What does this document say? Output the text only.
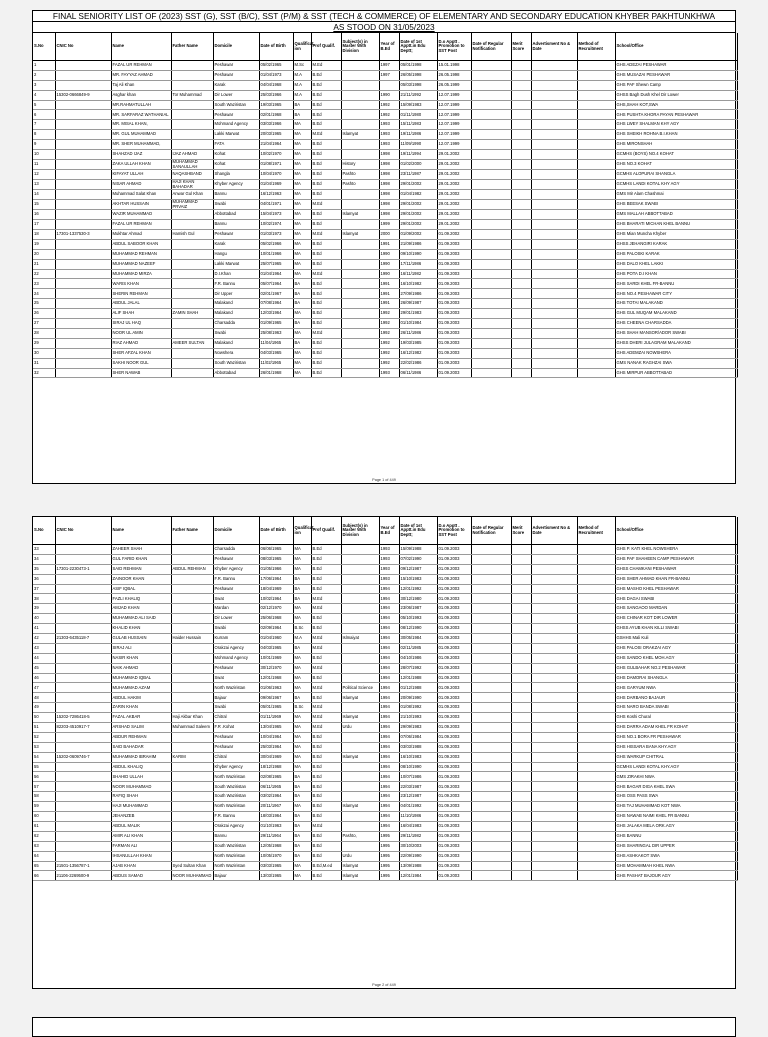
FINAL SENIORITY LIST OF (2023) SST (G), SST (B/C), SST (P/M) & SST (TECH & COMMERCE) OF ELEMENTARY AND SECONDARY EDUCATION KHYBER PAKHTUNKHWA
AS STOOD ON 31/05/2023
S.No	CNIC No	Name	Father Name	Domicile	Date of Birth	Qualificat ion	Prof Qualif.	Subject(s) in Master With Division	Year of B.Ed	Date of 1st Apptt.in Edu Deptt;	D.o Apptt . Promotion to SST Post	Date of Regular Notification	Merit Score	Advertisment No & Date	Method of Recruitment	School/Office
1		FAZAL UR REHMAN		Peshawar	05/02/1965	M.Sc	M.Ed		1997	05/01/1998	15.01.1998					GHS ADEZAI PESHAWAR
2		MR. FAYYAZ AHMAD		Peshawar	01/04/1973	M.A	B.Ed		1997	26/05/1998	26.05.1998					GHS MUSAZAI PESHAWAR
3		Taj Ali Khan		Karak	04/04/1968	M.A	B.Ed			05/03/1998	26.05.1999					GHS PAF Shewn Camp
4	15302-0666849-9	Asghar khan	Tor Muhammad	Dir Lower	25/03/1966	M.A	B.Ed		1990	21/11/1992	12.07.1999					GHSS Bagh Dush Khel Dir Lower
5		MR.RAHMATULLAH		South Waziristan	19/03/1965	BA	B.Ed		1992	15/09/1983	12.07.1999					GHS,SHAH KOT,SWA
6		MR. SARFARAZ WATHANIAL		Peshawar	02/01/1968	BA	B.Ed		1992	01/11/1980	12.07.1999					GHS PUSHTA KHORA PAYAN PESHAWAR
7		MR. MISAL KHAN,		Mohmand Agency	03/03/1966	MA	B.Ed		1993	15/11/1983	12.07.1999					GHS LWEY SHALMAN KHY AGY
8		MR. GUL MUHAMMAD		Lakki Marwat	20/03/1965	MA	M.Ed	Islamyat	1993	19/11/1986	12.07.1999					GHS SHEIKH ROHNA B.I.KHAN
9		MR. SHER MUHAMMAD,		FATA	21/04/1964	MA	B.Ed		1993	11/09/1990	12.07.1999					GHS MIRONSHAH
10		SHAHZAD IJAZ	IJAZ AHMAD	Kohat	10/02/1970	MA	B.Ed		1998	19/11/1994	29.01.2002					GCMHS (BOYS) NO.4 KOHAT
11		ZAKA ULLAH KHAN	MUHAMMAD SANAULLAH	Kohat	01/08/1971	MA	B.Ed	History	1998	01/02/2000	29.01.2002					GHS NO.3 KOHAT
12		KIFAYAT ULLAH	NAQASHBAND	Shangla	10/04/1970	MA	B.Ed	Pashto	1998	23/11/1987	29.01.2002					GCMHS ALOPURAI SHANGLA
13		NISAR AHMAD	HAJI KHAN BAHADAR	Khyber Agency	01/04/1969	MA	B.Ed	Pashto	1998	29/01/2002	29.01.2002					GCMHS LANDI KOTAL KHY AGY
14		Muhammad Salat Khan	Anwar Gul Khan	Bannu	16/12/1963	MA	B.Ed		1998	01/04/1982	29.01.2002					GMS Mir Alam Chashmai
15		AKHTAR HUSSAIN	MUHAMMAD PRVAIZ	Swabi	04/01/1971	MA	M.Ed		1998	29/01/2002	29.01.2002					GHS BEESAK SWABI
16		WAZIR MUHAMMAD		Abbottabad	15/04/1973	MA	B.Ed	Islamyat	1998	29/01/2002	29.01.2002					GMS MALLAH ABBOTTABAD
17		FAZAL UR REHMAN		Bannu	10/02/1974	MA	B.Ed		1999	29/01/2002	29.01.2002					GHS BHARATI MICHAN KHEL BANNU
18	17301-1337530-3	Mukhtar Ahmad	Hamish Gul	Peshawar	01/03/1973	MA	M.Ed	Islamyat	2000	01/09/2002	01.09.2002					GHS Mian Muncha Khyber
19		ABDUL SABOOR KHAN		Karak	05/02/1966	MA	B.Ed		1991	21/09/1986	01.09.2003					GHSS JEHANGIRI KARAK
20		MUHAMMAD REHMAN		Hangu	10/01/1966	MA	B.Ed		1990	09/10/1990	01.09.2003					GHS PALOSKI KARAK
21		MUHAMMAD NAZEEF		Lakki Marwat	25/07/1965	MA	B.Ed		1990	17/11/1986	01.09.2003					GHS DALO KHEL LAKKI
22		MUHAMMAD MIRZA		D.I.Khan	01/04/1964	MA	M.Ed		1990	16/11/1982	01.09.2003					GHS POTA D.I KHAN
23		WARIS KHAN		F.R. Bannu	05/07/1964	BA	B.Ed		1991	16/10/1982	01.09.2003					GHS SARDI KHEL FR-BANNU
24		SHERIN REHMAN		Dir Upper	02/01/1967	BA	B.Ed		1991	27/09/1986	01.09.2003					GHS NO.4 PESHAWAR CITY
25		ABDUL JALAL		Malakand	07/08/1964	BA	B.Ed		1991	26/09/1987	01.09.2003					GHS TOTAI MALAKAND
26		ALIF SHAH	ZAMIN SHAH	Malakand	12/03/1964	MA	B.Ed		1992	29/01/1983	01.09.2003					GHS GUL MUQAM MALAKAND
27		SIRAJ UL HAQ		Charsadda	01/09/1965	BA	B.Ed		1992	01/10/1984	01.09.2003					GHS CHEENA CHARSADDA
28		NOOR UL AMIN		Swabi	25/08/1963	MA	M.Ed		1992	26/11/1986	01.09.2003					GHS SHAH MANSOR/ADOR SWABI
29		RIAZ AHMAD	AMEER SULTAN	Malakand	11/04/1965	BA	B.Ed		1992	19/03/1985	01.09.2003					GHSS DHERI JULAGRAM MALAKAND
30		SHER AFZAL KHAN		Nowshera	04/03/1965	MA	B.Ed		1992	16/12/1982	01.09.2003					GHS ADEMZAI NOWSHERA
31		SAKHI NOOR GUL		South Waziristan	11/02/1965	MA	B.Ed		1992	22/02/1986	01.09.2003					GMS NANAK RAGHZAI SWA
32		SHER NAWAB		Abbottabad	26/01/1968	MA	B.Ed		1993	06/11/1986	01.09.2003					GHS MIRPUR ABBOTTABAD
Page 1 of 449
S.No	CNIC No	Name	Father Name	Domicile	Date of Birth	Qualificat ion	Prof Qualif.	Subject(s) in Master With Division	Year of B.Ed	Date of 1st Apptt.in Edu Deptt;	D.o Apptt . Promotion to SST Post	Date of Regular Notification	Merit Score	Advertisment No & Date	Method of Recruitment	School/Office
33		ZAHEER SHAH		Charsadda	06/06/1965	MA	B.Ed		1993	15/09/1988	01.09.2003					GHS P. KATI KHEL NOWSHERA
34		GUL FARID KHAN		Peshawar	08/03/1965	MA	B.Ed		1993	07/02/1990	01.09.2003					GHS PAF SHAHEEN CAMP PESHAWAR
35	17301-2230473-1	SAID REHMAN	ABDUL REHMAN	Khyber Agency	01/05/1966	MA	B.Ed		1993	09/12/1987	01.09.2003					GHSS CHAMKANI PESHAWAR
36		ZAINOOR KHAN		F.R. Bannu	17/06/1964	BA	B.Ed		1993	15/10/1983	01.09.2003					GHS SHER AHMAD KHAN FR-BANNU
37		ASIF IQBAL		Peshawar	18/04/1969	BA	B.Ed		1994	12/01/1992	01.09.2003					GHS MASHO KHEL PESHAWAR
38		FAZLI KHALIQ		Swat	10/02/1964	BA	M.Ed		1994	30/12/1980	01.09.2003					GHS DAGAI SWABI
39		AMJAD KHAN		Mardan	02/12/1970	MA	M.Ed		1994	23/06/1987	01.09.2003					GHS SANGAOO MARDAN
40		MUHAMMAD ALI SAID		Dir Lower	25/06/1968	MA	B.Ed		1994	05/10/1993	01.09.2003					GHS CHINAR KOT DIR LOWER
41		KHALID KHAN		Swabi	02/09/1964	B.Sc	B.Ed		1994	08/12/1990	01.09.2003					GHSS AYUB KHAN KILLI SWABI
42	21303-6435118-7	GULAB HUSSAIN	Haider Hussain	Kurram	01/04/1960	M.A	M.Ed	Islmaiyat	1994	30/05/1984	01.09.2003					GSHHS Mali Kuli
43		SIRAJ ALI		Orakzai Agency	04/03/1965	BA	M.Ed		1994	02/11/1985	01.09.2003					GHS PALOSI ORAKZAI AGY
44		NASIR KHAN		Mohmand Agency	10/01/1969	MA	B.Ed		1994	04/10/1986	01.09.2003					GHS SANDO KHEL MOH.AGY
45		NAIK AHMAD		Peshawar	30/12/1970	MA	M.Ed		1994	28/07/1992	01.09.2003					GHS GULBAHAR NO.2 PESHAWAR
46		MUHAMMAD IQBAL		Swat	12/01/1968	MA	B.Ed		1994	12/01/1988	01.09.2003					GHS DAMORAI SHANGLA
47		MUHAMMAD AZAM		North Waziristan	01/06/1963	MA	M.Ed	Political Science	1994	01/12/1988	01.09.2003					GHS GARYUM NWA
48		ABDUL HAKIM		Bajaur	09/06/1967	BA	B.Ed	Islamyat	1994	20/09/1990	01.09.2003					GHS DARBANO BAJAUR
49		ZARIN KHAN		Swabi	05/01/1965	B.Sc	M.Ed		1994	01/08/1992	01.09.2003					GHS NARO BANDA SWABI
50	15202-7286418-5	FAZAL AKBAR	Haji Akbar Khan	Chitral	01/11/1969	MA	M.Ed	Islamyat	1994	21/10/1993	01.09.2003					GHS Koshi Chural
51	82203-4510917-7	ARSHAD SALIM	Muhammad Saleem	F.R .Kohat	13/04/1965	MA	M.Ed	Urdu	1994	29/09/1983	01.09.2003					GHS DARRA ADAM KHEL FR KOHAT
52		ABDUR REHMAN		Peshawar	10/04/1964	MA	B.Ed		1994	07/06/1984	01.09.2003					GHS NO.1 BORA FR PESHAWAR
53		SAID BAHADAR		Peshawar	25/03/1964	MA	B.Ed		1994	03/03/1988	01.09.2003					GHS HISSARA BANA KHY.AGY
54	15202-0609746-7	MUHAMMAD IBRAHIM	KARIM	Chitral	30/04/1969	MA	B.Ed	Islamyat	1994	16/10/1983	01.09.2003					GHS WARKUP CHITRAL
55		ABDUL KHALIQ		Khyber Agency	18/12/1968	MA	B.Ed		1994	08/10/1990	01.09.2003					GCMHS LANDI KOTAL KHY.AGY
56		SHAHID ULLAH		North Waziristan	02/08/1965	BA	B.Ed		1994	10/07/1986	01.09.2003					GMS ZIRAKHI NWA
57		NOOR MUHAMMAD		South Waziristan	06/11/1965	BA	B.Ed		1994	22/03/1987	01.09.2003					GHS BAGAR DIGA KHEL SWA
58		RAFIQ SHAH		South Waziristan	03/02/1964	BA	B.Ed		1994	23/12/1987	01.09.2003					GHS OSS PASS SWA
59		HAJI MUHAMMAD		North Waziristan	20/11/1967	MA	B.Ed	Islamyat	1994	04/01/1992	01.09.2003					GHS TAJ MUHAMMAD KOT NWA
60		JEHANZEB		F.R. Bannu	18/03/1964	BA	B.Ed		1994	11/10/1986	01.09.2003					GHS NAWAB NAIMI KHEL FR BANNU
61		ABDUL MALIK		Orakzai Agency	01/10/1963	BA	M.Ed		1994	16/04/1983	01.09.2003					GHS JALAKA MELA ORK.AGY
62		AMIR ALI KHAN		Bannu	29/11/1964	BA	B.Ed	Pashto,	1995	29/11/1982	01.09.2003					GHS BANNU
63		FARMAN ALI		South Waziristan	12/05/1968	BA	B.Ed		1995	30/10/2003	01.09.2003					GHS SHARINGAL DIR UPPER
64		IHSANULLAH KHAN		North Waziristan	10/05/1970	BA	B.Ed	Urdu	1995	22/09/1990	01.09.2003					GHS ASHKAKOT SWA
65	21501-1356787-1	AJAB KHAN	Syed Sultan Khan	North Waziristan	03/03/1965	MA	B.Ed,M.ed	Islamyat	1995	13/09/1988	01.09.2003					GHS MOHAMMAH KHEL NWA
66	21106-2269500-9	ABDUS SAMAD	NOOR MUHAMMAD	Bajaur	13/03/1965	MA	B.Ed	Islamyat	1995	12/01/1984	01.09.2003					GHS PASHAT BAJOUR AGY
Page 2 of 449
